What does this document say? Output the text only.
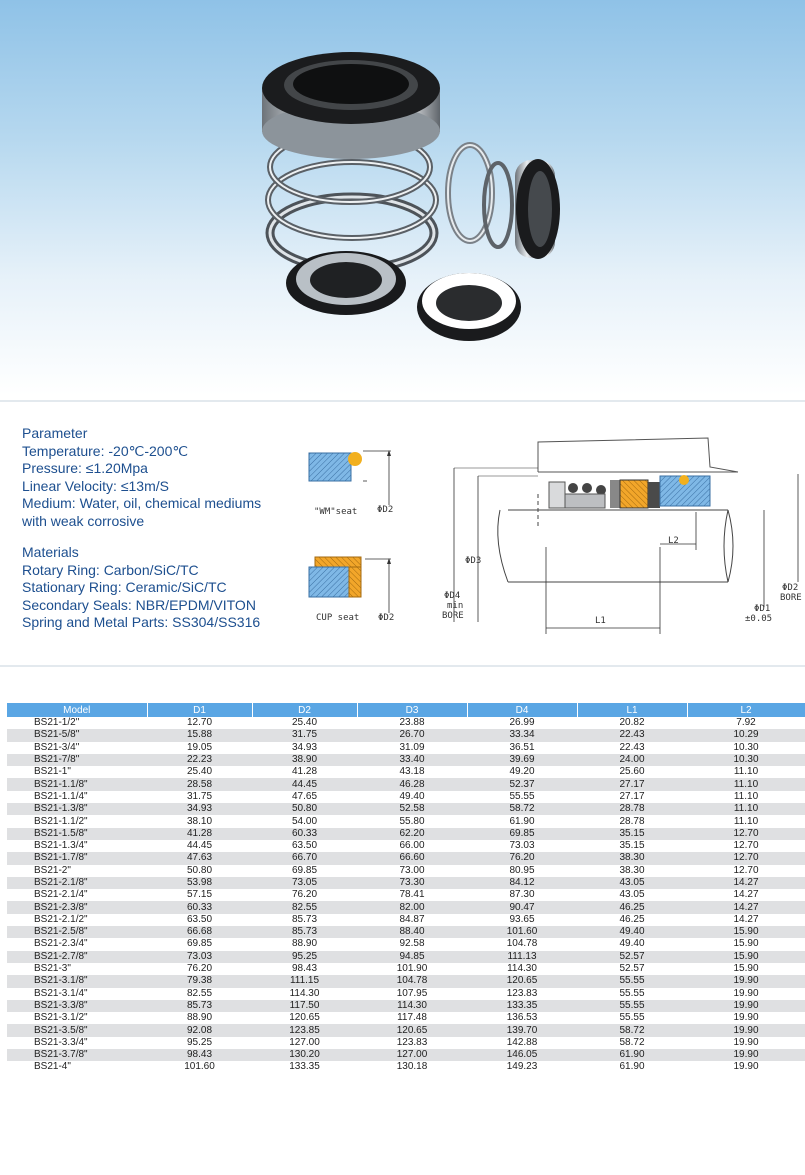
Parameter
Temperature: -20℃-200℃
Pressure: ≤1.20Mpa
Linear Velocity: ≤13m/S
Medium: Water, oil, chemical mediums
with weak corrosive
Materials
Rotary Ring: Carbon/SiC/TC
Stationary Ring: Ceramic/SiC/TC
Secondary Seals: NBR/EPDM/VITON
Spring and Metal Parts: SS304/SS316
"WM"seat ΦD2
CUP seat ΦD2
ΦD3
ΦD4
min
BORE	L1
L2
ΦD1
±0.05
ΦD2
BORE
Model	D1	D2	D3	D4	L1	L2
BS21-1/2"	12.70	25.40	23.88	26.99	20.82	7.92
BS21-5/8"	15.88	31.75	26.70	33.34	22.43	10.29
BS21-3/4"	19.05	34.93	31.09	36.51	22.43	10.30
BS21-7/8"	22.23	38.90	33.40	39.69	24.00	10.30
BS21-1"	25.40	41.28	43.18	49.20	25.60	11.10
BS21-1.1/8"	28.58	44.45	46.28	52.37	27.17	11.10
BS21-1.1/4"	31.75	47.65	49.40	55.55	27.17	11.10
BS21-1.3/8"	34.93	50.80	52.58	58.72	28.78	11.10
BS21-1.1/2"	38.10	54.00	55.80	61.90	28.78	11.10
BS21-1.5/8"	41.28	60.33	62.20	69.85	35.15	12.70
BS21-1.3/4"	44.45	63.50	66.00	73.03	35.15	12.70
BS21-1.7/8"	47.63	66.70	66.60	76.20	38.30	12.70
BS21-2"	50.80	69.85	73.00	80.95	38.30	12.70
BS21-2.1/8"	53.98	73.05	73.30	84.12	43.05	14.27
BS21-2.1/4"	57.15	76.20	78.41	87.30	43.05	14.27
BS21-2.3/8"	60.33	82.55	82.00	90.47	46.25	14.27
BS21-2.1/2"	63.50	85.73	84.87	93.65	46.25	14.27
BS21-2.5/8"	66.68	85.73	88.40	101.60	49.40	15.90
BS21-2.3/4"	69.85	88.90	92.58	104.78	49.40	15.90
BS21-2.7/8"	73.03	95.25	94.85	111.13	52.57	15.90
BS21-3"	76.20	98.43	101.90	114.30	52.57	15.90
BS21-3.1/8"	79.38	111.15	104.78	120.65	55.55	19.90
BS21-3.1/4"	82.55	114.30	107.95	123.83	55.55	19.90
BS21-3.3/8"	85.73	117.50	114.30	133.35	55.55	19.90
BS21-3.1/2"	88.90	120.65	117.48	136.53	55.55	19.90
BS21-3.5/8"	92.08	123.85	120.65	139.70	58.72	19.90
BS21-3.3/4"	95.25	127.00	123.83	142.88	58.72	19.90
BS21-3.7/8"	98.43	130.20	127.00	146.05	61.90	19.90
BS21-4"	101.60	133.35	130.18	149.23	61.90	19.90
